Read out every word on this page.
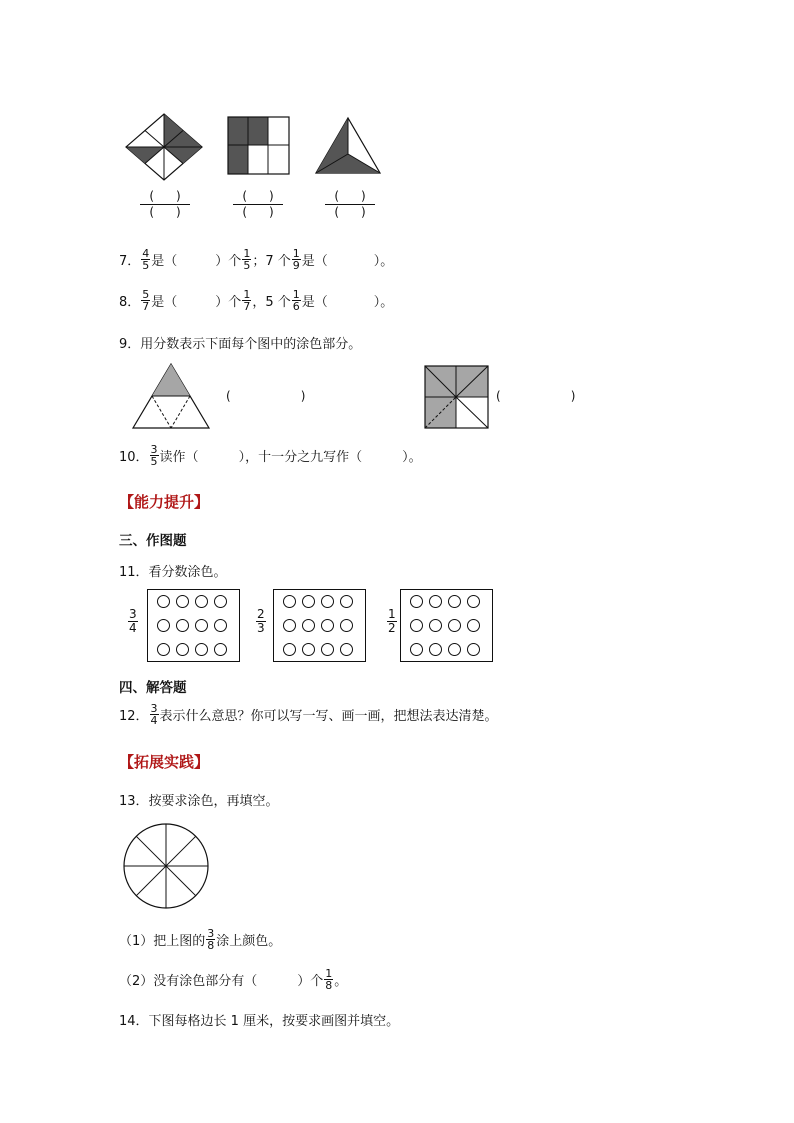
( )
( )
( )
( )
( )
( )
7． $\frac{4}{5}$ 是（	）个 $\frac{1}{5}$ ；7 个 $\frac{1}{9}$ 是（	）。
8． $\frac{5}{7}$ 是（	）个 $\frac{1}{7}$ ，5 个 $\frac{1}{6}$ 是（	）。
9． 用分数表示下面每个图中的涂色部分。
(	)	(	)
10． $\frac{3}{5}$ 读作（	），十一分之九写作（	）。
【能力提升】
三、作图题
11． 看分数涂色。
$\frac{3}{4}$	$\frac{2}{3}$	$\frac{1}{2}$
四、解答题
12． $\frac{3}{4}$ 表示什么意思？你可以写一写、画一画，把想法表达清楚。
【拓展实践】
13． 按要求涂色，再填空。
（1）把上图的 $\frac{3}{8}$ 涂上颜色。
（2）没有涂色部分有（	）个 $\frac{1}{8}$ 。
14． 下图每格边长 1 厘米，按要求画图并填空。
